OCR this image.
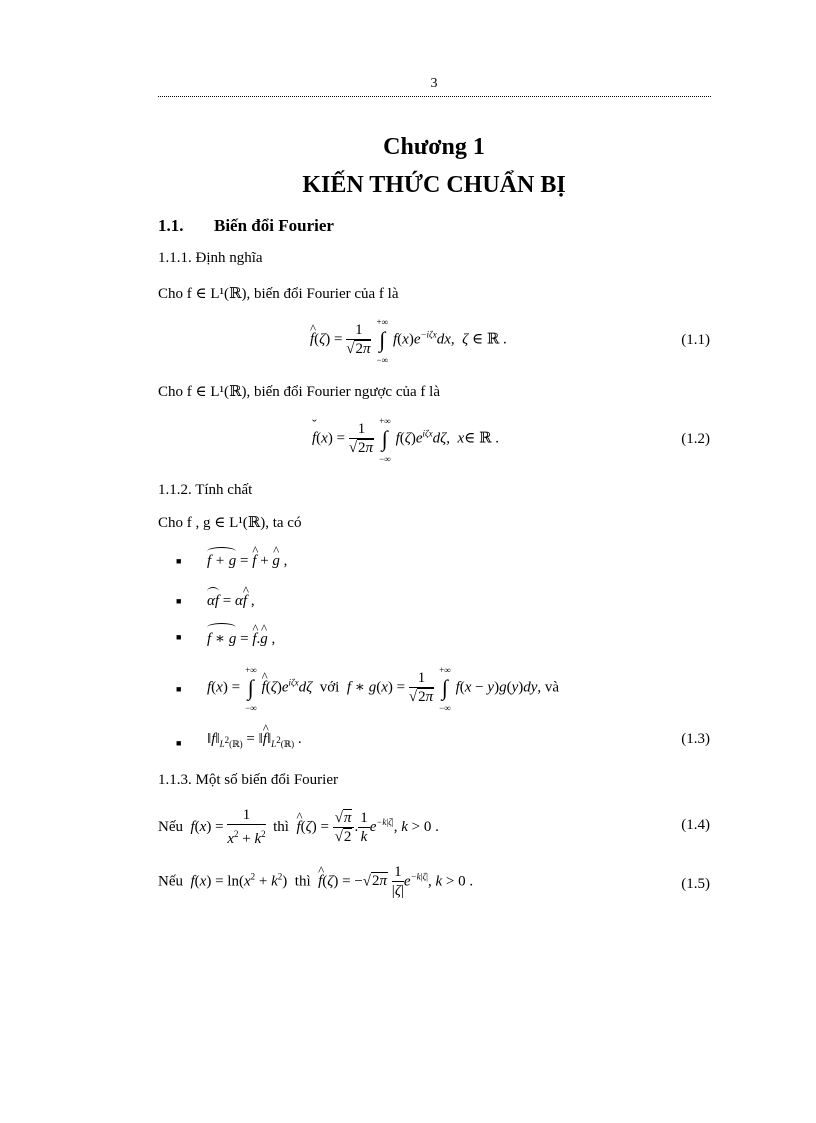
3
Chương 1
KIẾN THỨC CHUẨN BỊ
1.1. Biến đổi Fourier
1.1.1. Định nghĩa
Cho f ∈ L¹(ℝ), biến đổi Fourier của f là
^ $f(\zeta) = \frac{1}{√2\pi}$
+∞
∫
−∞
$f(x)e^{-i\zeta x}dx$,  ζ ∈ ℝ .	(1.1)
Cho f ∈ L¹(ℝ), biến đổi Fourier ngược của f là
ˇ $f(x) = \frac{1}{√2\pi}$
+∞
∫
−∞
$f(\zeta)e^{i\zeta x}d\zeta$,  x∈ ℝ .	(1.2)
1.1.2. Tính chất
Cho f , g ∈ L¹(ℝ), ta có
■ f + g = ^ f + ^ g ,
■ αf = α^ f ,
■ f ∗ g = ^ f.^ g ,
■ f(x) =
+∞
∫
−∞
^ $f(\zeta)e^{i\zeta x}d\zeta$ với f ∗ $g(x) = \frac{1}{√2\pi}$
+∞
∫
−∞
f(x − y)g(y)dy, và
■ $‖f‖_{L^2(ℝ)}$ = ‖^ $f‖_{L^2(ℝ)}$ .	(1.3)
1.1.3. Một số biến đổi Fourier
Nếu $f(x) = \frac{1}{x^2 + k^2}$ thì ^ $f(\zeta) = \frac{√\pi}{√2}$ . $\frac{1}{k} e^{-k|\zeta|}$, k > 0 .	(1.4)
Nếu $f(x) = \ln(x^2 + k^2)$  thì ^ $f(\zeta) = -√2\pi \frac{1}{|\zeta|} e^{-k|\zeta|}$, k > 0 .	(1.5)
